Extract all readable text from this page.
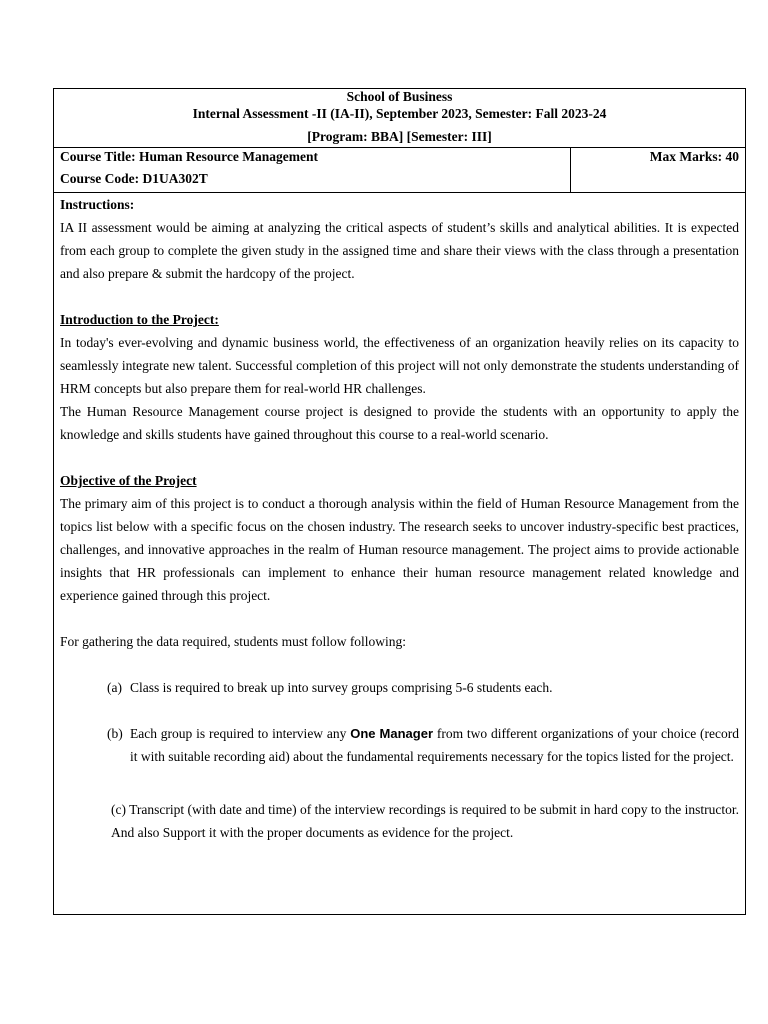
School of Business
Internal Assessment -II (IA-II), September 2023, Semester: Fall 2023-24
[Program: BBA] [Semester: III]
Course Title: Human Resource Management
Course Code: D1UA302T
Max Marks: 40
Instructions:

IA II assessment would be aiming at analyzing the critical aspects of student’s skills and analytical abilities. It is expected from each group to complete the given study in the assigned time and share their views with the class through a presentation and also prepare & submit the hardcopy of the project.

Introduction to the Project:

In today's ever-evolving and dynamic business world, the effectiveness of an organization heavily relies on its capacity to seamlessly integrate new talent. Successful completion of this project will not only demonstrate the students understanding of HRM concepts but also prepare them for real-world HR challenges.

The Human Resource Management course project is designed to provide the students with an opportunity to apply the knowledge and skills students have gained throughout this course to a real-world scenario.

Objective of the Project

The primary aim of this project is to conduct a thorough analysis within the field of Human Resource Management from the topics list below with a specific focus on the chosen industry. The research seeks to uncover industry-specific best practices, challenges, and innovative approaches in the realm of Human resource management. The project aims to provide actionable insights that HR professionals can implement to enhance their human resource management related knowledge and experience gained through this project.

For gathering the data required, students must follow following:

(a) Class is required to break up into survey groups comprising 5-6 students each.
(b) Each group is required to interview any One Manager from two different organizations of your choice (record it with suitable recording aid) about the fundamental requirements necessary for the topics listed for the project.
(c) Transcript (with date and time) of the interview recordings is required to be submit in hard copy to the instructor. And also Support it with the proper documents as evidence for the project.
